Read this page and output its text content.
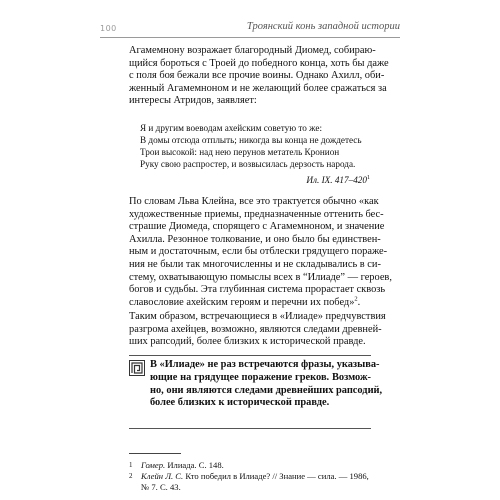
100	Троянский конь западной истории

Агамемнону возражает благородный Диомед, собираю-
щийся бороться с Троей до победного конца, хоть бы даже
с поля боя бежали все прочие воины. Однако Ахилл, оби-
женный Агамемноном и не желающий более сражаться за
интересы Атридов, заявляет:

Я и другим воеводам ахейским советую то же:
В домы отсюда отплыть; никогда вы конца не дождетесь
Трои высокой: над нею перунов метатель Кронион
Руку свою распростер, и возвысилась дерзость народа.
Ил. IX. $417-420^1$

По словам Льва Клейна, все это трактуется обычно «как
художественные приемы, предназначенные оттенить бес-
страшие Диомеда, спорящего с Агамемноном, и значение
Ахилла. Резонное толкование, и оно было бы единствен-
ным и достаточным, если бы отблески грядущего пораже-
ния не были так многочисленны и не складывались в си-
стему, охватывающую помыслы всех в “Илиаде” — героев,
богов и судьбы. Эта глубинная система прорастает сквозь
славословие ахейским героям и перечни их побед»$^2$.

Таким образом, встречающиеся в «Илиаде» предчувствия
разгрома ахейцев, возможно, являются следами древней-
ших рапсодий, более близких к исторической правде.

В «Илиаде» не раз встречаются фразы, указыва-
ющие на грядущее поражение греков. Возмож-
но, они являются следами древнейших рапсодий,
более близких к исторической правде.
1 Гомер. Илиада. С. 148.
2 Клейн Л. С. Кто победил в Илиаде? // Знание — сила. — 1986,
№ 7. С. 43.
